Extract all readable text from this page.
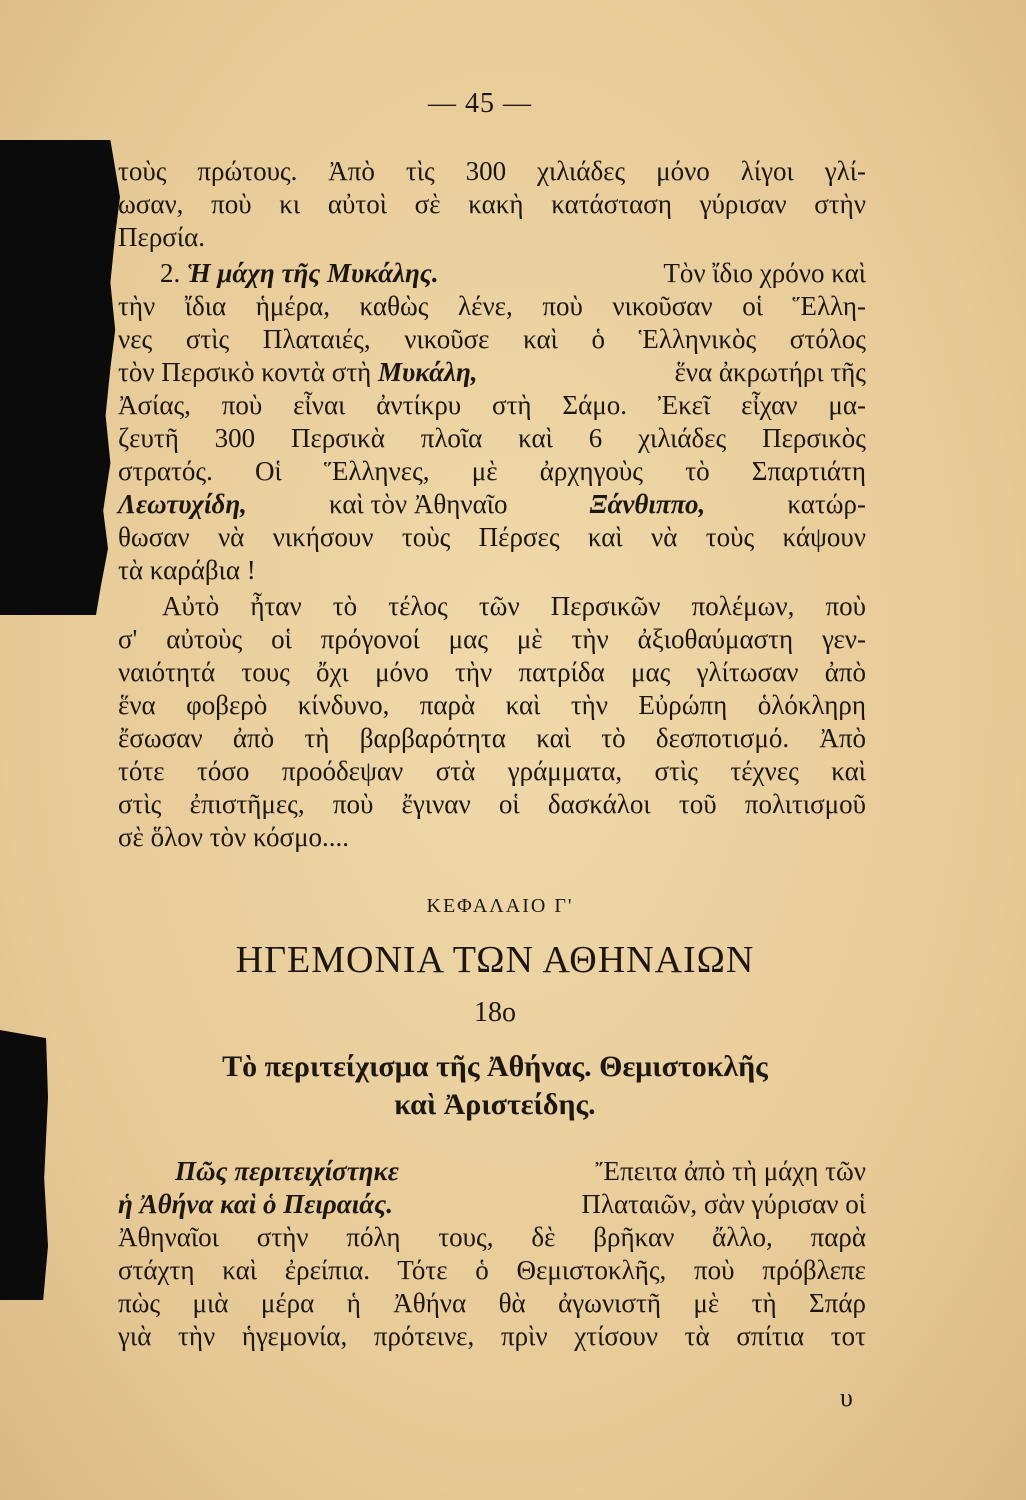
— 45 —
τοὺς πρώτους. Ἀπὸ τὶς 300 χιλιάδες μόνο λίγοι γλί-
ωσαν, ποὺ κι αὐτοὶ σὲ κακὴ κατάσταση γύρισαν στὴν
Περσία.
2. Ἡ μάχη τῆς Μυκάλης.	Τὸν ἴδιο χρόνο καὶ
τὴν ἴδια ἡμέρα, καθὼς λένε, ποὺ νικοῦσαν οἱ Ἕλλη-
νες στὶς Πλαταιές, νικοῦσε καὶ ὁ Ἑλληνικὸς στόλος
τὸν Περσικὸ κοντὰ στὴ Μυκάλη,	ἕνα ἀκρωτήρι τῆς
Ἀσίας, ποὺ εἶναι ἀντίκρυ στὴ Σάμο. Ἐκεῖ εἶχαν μα-
ζευτῆ 300 Περσικὰ πλοῖα καὶ 6 χιλιάδες Περσικὸς
στρατός. Οἱ Ἕλληνες, μὲ ἀρχηγοὺς τὸ Σπαρτιάτη
Λεωτυχίδη,	καὶ τὸν Ἀθηναῖο	Ξάνθιππο,	κατώρ-
θωσαν νὰ νικήσουν τοὺς Πέρσες καὶ νὰ τοὺς κάψουν
τὰ καράβια !
Αὐτὸ ἦταν τὸ τέλος τῶν Περσικῶν πολέμων, ποὺ
σ' αὐτοὺς οἱ πρόγονοί μας μὲ τὴν ἀξιοθαύμαστη γεν-
ναιότητά τους ὄχι μόνο τὴν πατρίδα μας γλίτωσαν ἀπὸ
ἕνα φοβερὸ κίνδυνο, παρὰ καὶ τὴν Εὐρώπη ὁλόκληρη
ἔσωσαν ἀπὸ τὴ βαρβαρότητα καὶ τὸ δεσποτισμό. Ἀπὸ
τότε τόσο προόδεψαν στὰ γράμματα, στὶς τέχνες καὶ
στὶς ἐπιστῆμες, ποὺ ἔγιναν οἱ δασκάλοι τοῦ πολιτισμοῦ
σὲ ὅλον τὸν κόσμο....
ΚΕΦΑΛΑΙΟ Γ'
ΗΓΕΜΟΝΙΑ ΤΩΝ ΑΘΗΝΑΙΩΝ
18ο
Τὸ περιτείχισμα τῆς Ἀθήνας. Θεμιστοκλῆς
καὶ Ἀριστείδης.
Πῶς περιτειχίστηκε	Ἔπειτα ἀπὸ τὴ μάχη τῶν
ἡ Ἀθήνα καὶ ὁ Πειραιάς.	Πλαταιῶν, σὰν γύρισαν οἱ
Ἀθηναῖοι στὴν πόλη τους, δὲ βρῆκαν ἄλλο, παρὰ
στάχτη καὶ ἐρείπια. Τότε ὁ Θεμιστοκλῆς, ποὺ πρόβλεπε
πὼς μιὰ μέρα ἡ Ἀθήνα θὰ ἀγωνιστῆ μὲ τὴ Σπάρ
γιὰ τὴν ἡγεμονία, πρότεινε, πρὶν χτίσουν τὰ σπίτια τοτ
υ
